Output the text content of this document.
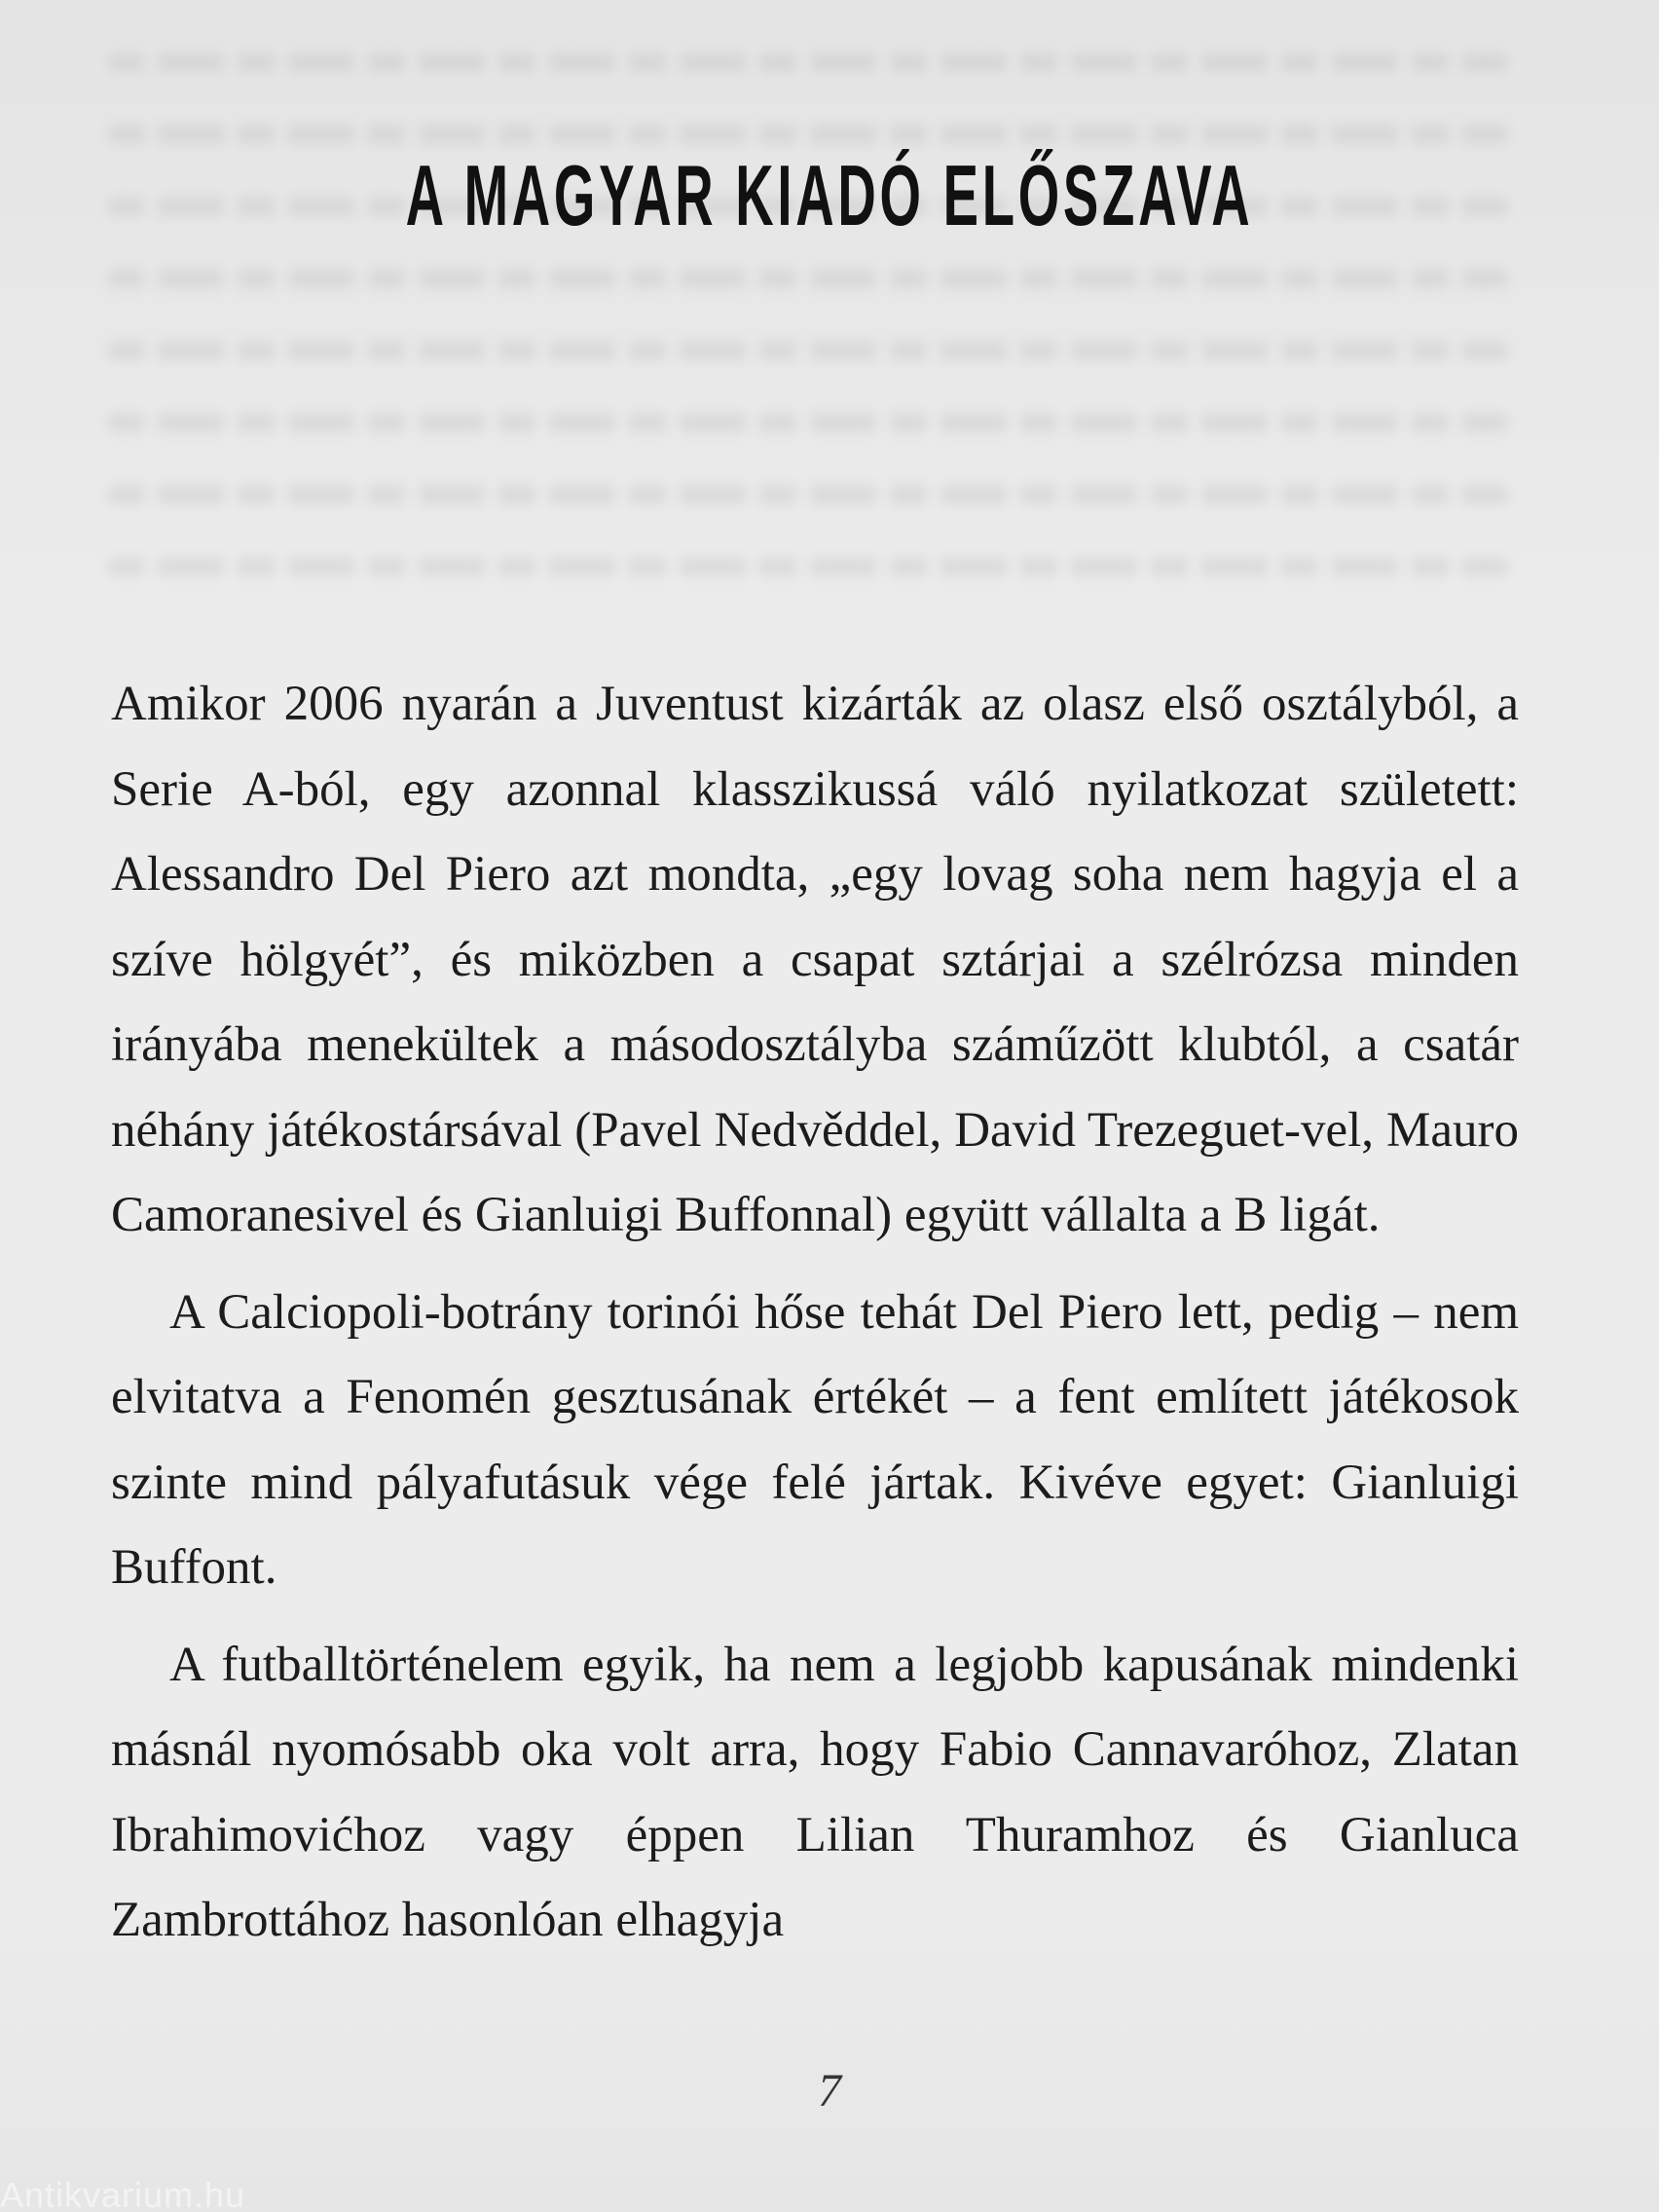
A MAGYAR KIADÓ ELŐSZAVA

Amikor 2006 nyarán a Juventust kizárták az olasz első osztályból, a Serie A-ból, egy azonnal klasszikussá váló nyilatkozat született: Alessandro Del Piero azt mondta, „egy lovag soha nem hagyja el a szíve hölgyét”, és miközben a csapat sztárjai a szélrózsa minden irányába menekültek a másodosztályba száműzött klubtól, a csatár néhány játékostársával (Pavel Nedvěddel, David Trezeguet-vel, Mauro Camoranesivel és Gianluigi Buffonnal) együtt vállalta a B ligát.

A Calciopoli-botrány torinói hőse tehát Del Piero lett, pedig – nem elvitatva a Fenomén gesztusának értékét – a fent említett játékosok szinte mind pályafutásuk vége felé jártak. Kivéve egyet: Gianluigi Buffont.

A futballtörténelem egyik, ha nem a legjobb kapusának mindenki másnál nyomósabb oka volt arra, hogy Fabio Cannavaróhoz, Zlatan Ibrahimovićhoz vagy éppen Lilian Thuramhoz és Gianluca Zambrottához hasonlóan elhagyja

7
Antikvarium.hu
